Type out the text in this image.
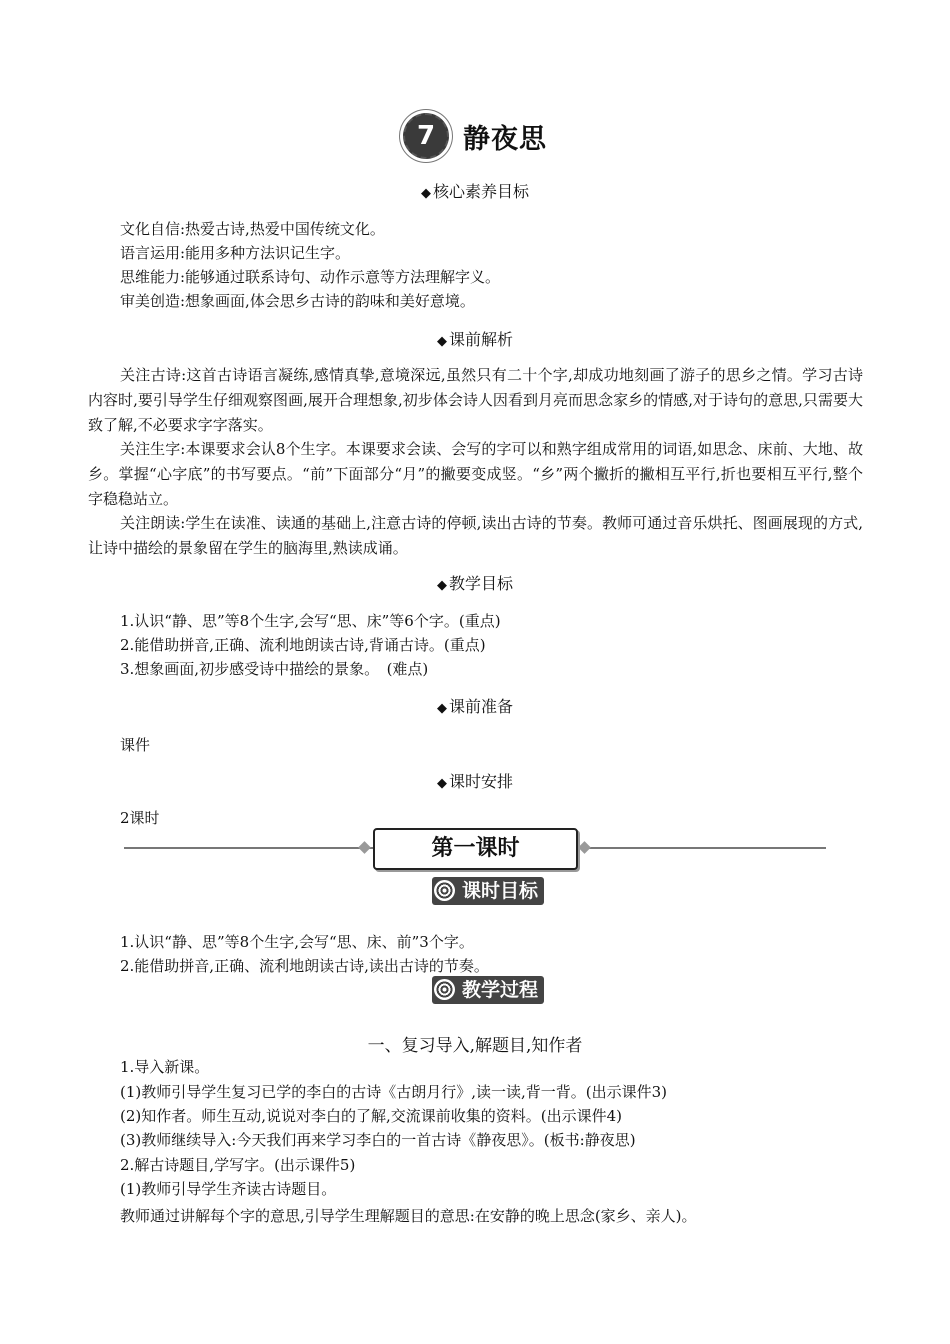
7 静夜思
◆ 核心素养目标
文化自信:热爱古诗,热爱中国传统文化。
语言运用:能用多种方法识记生字。
思维能力:能够通过联系诗句、动作示意等方法理解字义。
审美创造:想象画面,体会思乡古诗的韵味和美好意境。
◆ 课前解析
关注古诗:这首古诗语言凝练,感情真挚,意境深远,虽然只有二十个字,却成功地刻画了游子的思乡之情。学习古诗内容时,要引导学生仔细观察图画,展开合理想象,初步体会诗人因看到月亮而思念家乡的情感,对于诗句的意思,只需要大致了解,不必要求字字落实。
关注生字:本课要求会认8个生字。本课要求会读、会写的字可以和熟字组成常用的词语,如思念、床前、大地、故乡。掌握“心字底”的书写要点。“前”下面部分“月”的撇要变成竖。“乡”两个撇折的撇相互平行,折也要相互平行,整个字稳稳站立。
关注朗读:学生在读准、读通的基础上,注意古诗的停顿,读出古诗的节奏。教师可通过音乐烘托、图画展现的方式,让诗中描绘的景象留在学生的脑海里,熟读成诵。
◆ 教学目标
1.认识“静、思”等8个生字,会写“思、床”等6个字。(重点)
2.能借助拼音,正确、流利地朗读古诗,背诵古诗。(重点)
3.想象画面,初步感受诗中描绘的景象。　(难点)
◆ 课前准备
课件
◆ 课时安排
2课时
第一课时
课时目标
1.认识“静、思”等8个生字,会写“思、床、前”3个字。
2.能借助拼音,正确、流利地朗读古诗,读出古诗的节奏。
教学过程
一、复习导入,解题目,知作者
1.导入新课。
(1)教师引导学生复习已学的李白的古诗《古朗月行》,读一读,背一背。(出示课件3)
(2)知作者。师生互动,说说对李白的了解,交流课前收集的资料。(出示课件4)
(3)教师继续导入:今天我们再来学习李白的一首古诗《静夜思》。(板书:静夜思)
2.解古诗题目,学写字。(出示课件5)
(1)教师引导学生齐读古诗题目。
教师通过讲解每个字的意思,引导学生理解题目的意思:在安静的晚上思念(家乡、亲人)。
